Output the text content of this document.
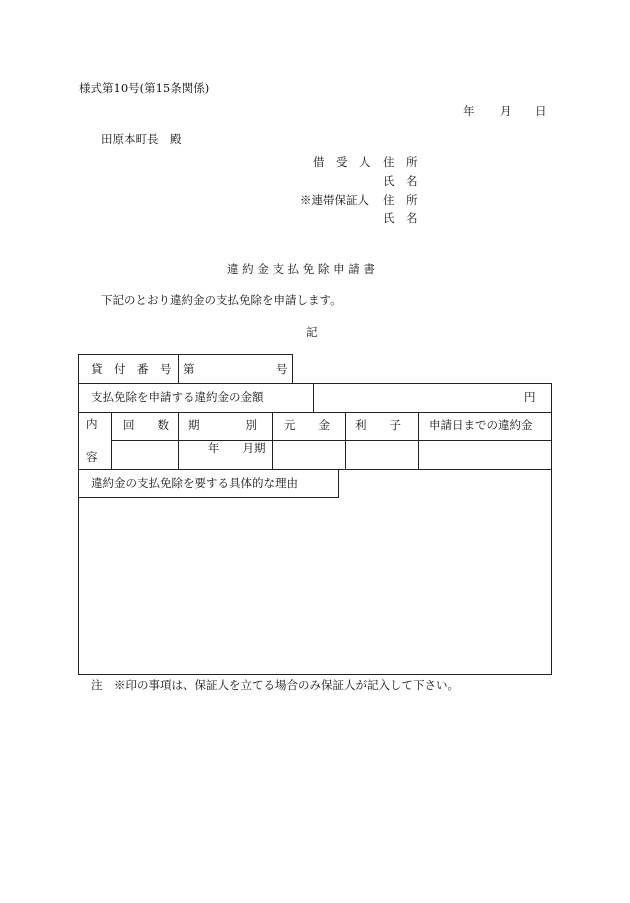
様式第10号(第15条関係)
年 月 日
田原本町長　殿
借　受　人 住　所
氏　名
※連帯保証人 住　所
氏　名
違 約 金 支 払 免 除 申 請 書
下記のとおり違約金の支払免除を申請します。
記
貸　付　番　号 第	号
支払免除を申請する違約金の金額	円
内
容
回　　数 期　　　　別 元　　金 利　　子 申請日までの違約金
年　　月期
違約金の支払免除を要する具体的な理由
注　※印の事項は、保証人を立てる場合のみ保証人が記入して下さい。
